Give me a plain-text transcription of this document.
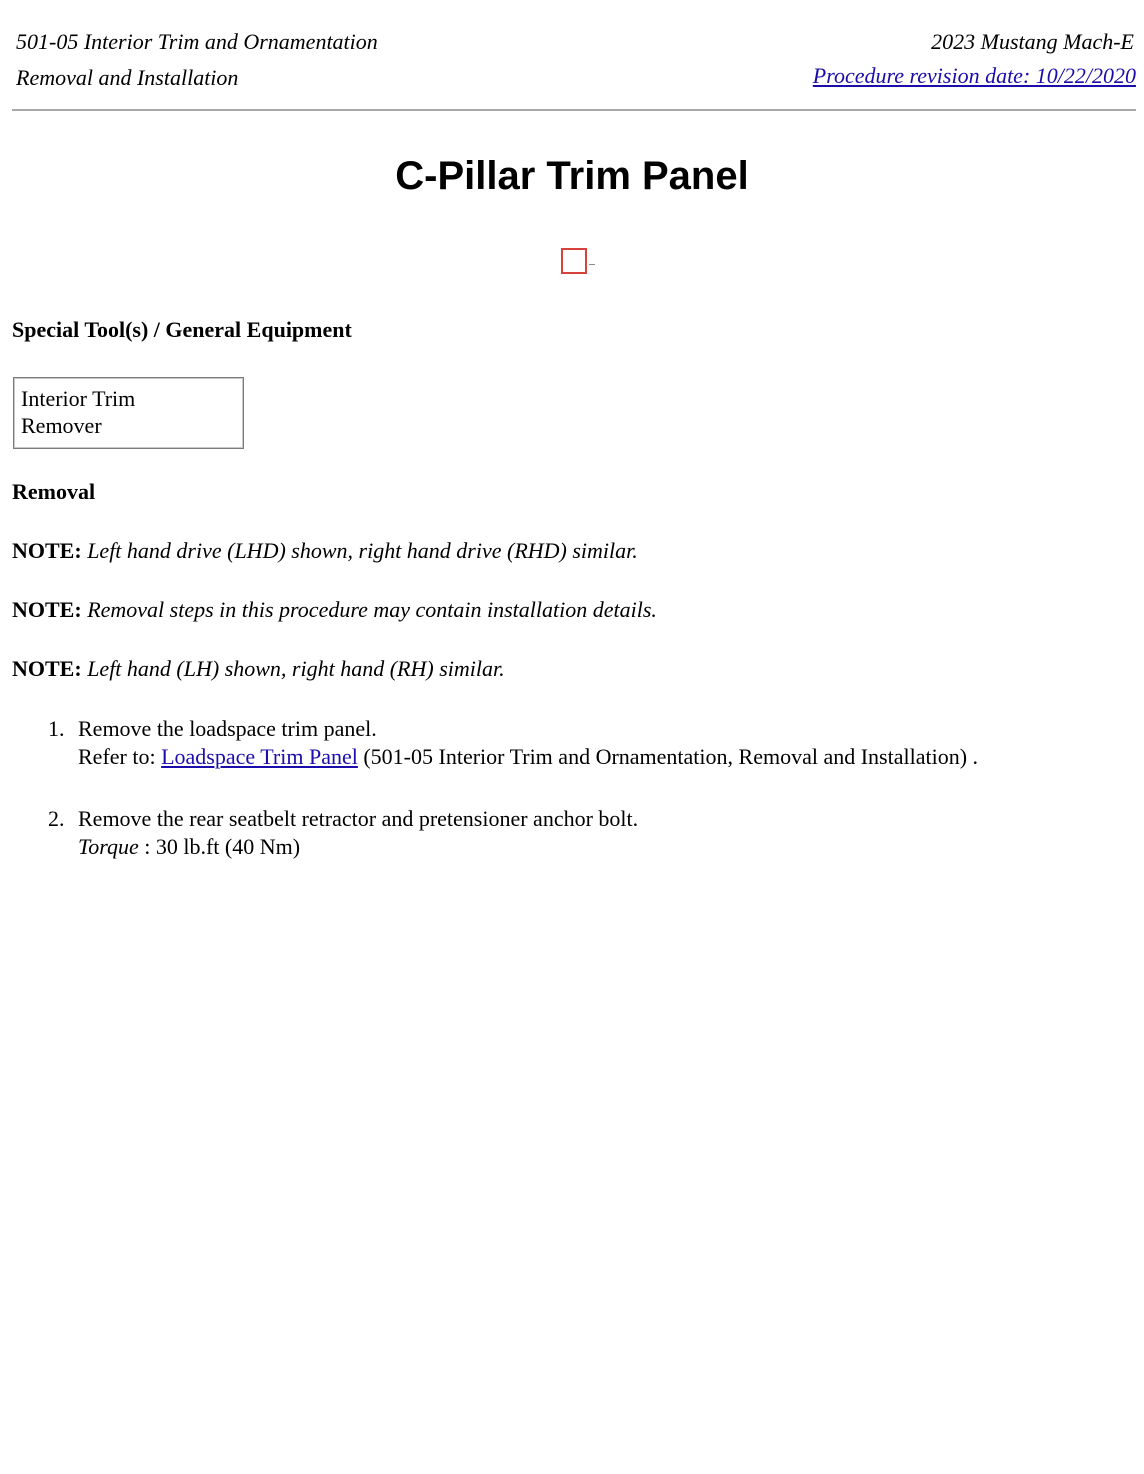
501-05 Interior Trim and Ornamentation
Removal and Installation
2023 Mustang Mach-E
Procedure revision date: 10/22/2020
C-Pillar Trim Panel
Special Tool(s) / General Equipment
Interior Trim
Remover
Removal
NOTE: Left hand drive (LHD) shown, right hand drive (RHD) similar.
NOTE: Removal steps in this procedure may contain installation details.
NOTE: Left hand (LH) shown, right hand (RH) similar.
1. Remove the loadspace trim panel.
Refer to: Loadspace Trim Panel (501-05 Interior Trim and Ornamentation, Removal and Installation) .
2. Remove the rear seatbelt retractor and pretensioner anchor bolt.
Torque : 30 lb.ft (40 Nm)
